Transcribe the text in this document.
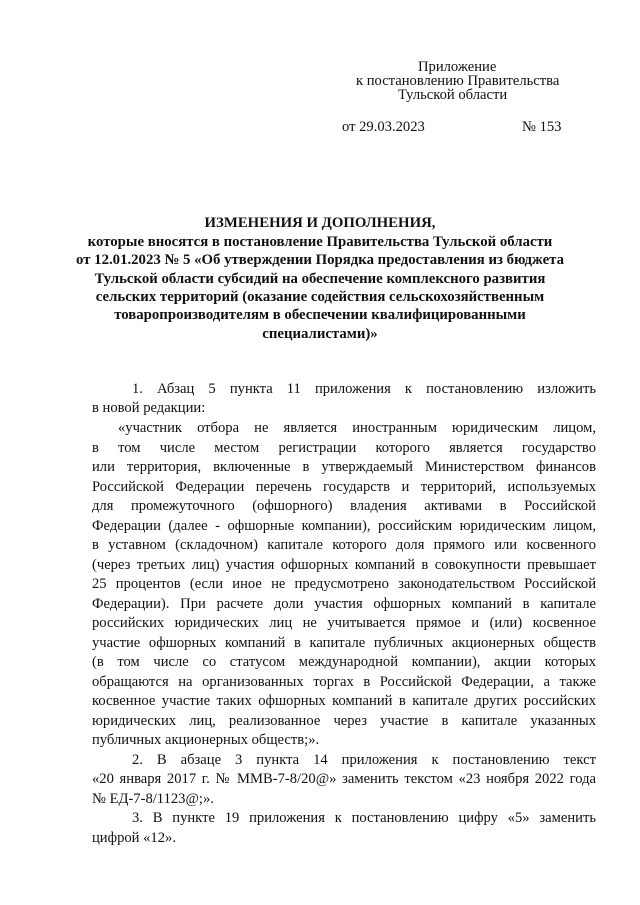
Приложение
к постановлению Правительства
Тульской области
от 29.03.2023	№ 153
ИЗМЕНЕНИЯ И ДОПОЛНЕНИЯ,
которые вносятся в постановление Правительства Тульской области
от 12.01.2023 № 5 «Об утверждении Порядка предоставления из бюджета
Тульской области субсидий на обеспечение комплексного развития
сельских территорий (оказание содействия сельскохозяйственным
товаропроизводителям в обеспечении квалифицированными
специалистами)»
1. Абзац 5 пункта 11 приложения к постановлению изложить
в новой редакции:
«участник отбора не является иностранным юридическим лицом,
в том числе местом регистрации которого является государство
или территория, включенные в утверждаемый Министерством финансов
Российской Федерации перечень государств и территорий, используемых
для промежуточного (офшорного) владения активами в Российской
Федерации (далее - офшорные компании), российским юридическим лицом,
в уставном (складочном) капитале которого доля прямого или косвенного
(через третьих лиц) участия офшорных компаний в совокупности превышает
25 процентов (если иное не предусмотрено законодательством Российской
Федерации). При расчете доли участия офшорных компаний в капитале
российских юридических лиц не учитывается прямое и (или) косвенное
участие офшорных компаний в капитале публичных акционерных обществ
(в том числе со статусом международной компании), акции которых
обращаются на организованных торгах в Российской Федерации, а также
косвенное участие таких офшорных компаний в капитале других российских
юридических лиц, реализованное через участие в капитале указанных
публичных акционерных обществ;».
2. В абзаце 3 пункта 14 приложения к постановлению текст
«20 января 2017 г. № ММВ-7-8/20@» заменить текстом «23 ноября 2022 года
№ ЕД-7-8/1123@;».
3. В пункте 19 приложения к постановлению цифру «5» заменить
цифрой «12».
